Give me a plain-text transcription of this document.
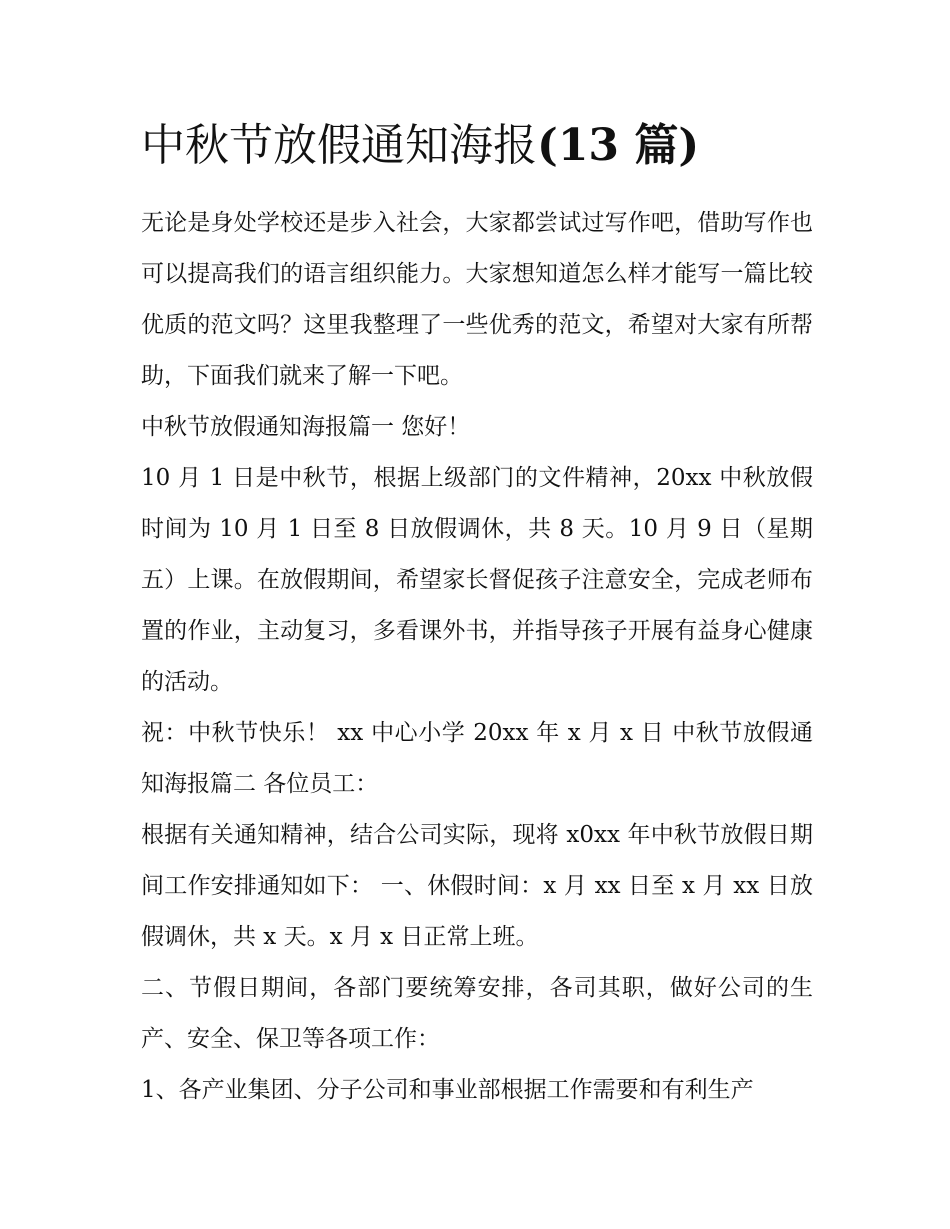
中秋节放假通知海报(13 篇)

无论是身处学校还是步入社会，大家都尝试过写作吧，借助写作也可以提高我们的语言组织能力。大家想知道怎么样才能写一篇比较优质的范文吗？这里我整理了一些优秀的范文，希望对大家有所帮助，下面我们就来了解一下吧。

中秋节放假通知海报篇一 您好！

10 月 1 日是中秋节，根据上级部门的文件精神，20xx 中秋放假时间为 10 月 1 日至 8 日放假调休，共 8 天。10 月 9 日（星期五）上课。在放假期间，希望家长督促孩子注意安全，完成老师布置的作业，主动复习，多看课外书，并指导孩子开展有益身心健康的活动。

祝：中秋节快乐！ xx 中心小学 20xx 年 x 月 x 日 中秋节放假通知海报篇二 各位员工：

根据有关通知精神，结合公司实际，现将 x0xx 年中秋节放假日期间工作安排通知如下： 一、休假时间：x 月 xx 日至 x 月 xx 日放假调休，共 x 天。x 月 x 日正常上班。

二、节假日期间，各部门要统筹安排，各司其职，做好公司的生产、安全、保卫等各项工作：

1、各产业集团、分子公司和事业部根据工作需要和有利生产
